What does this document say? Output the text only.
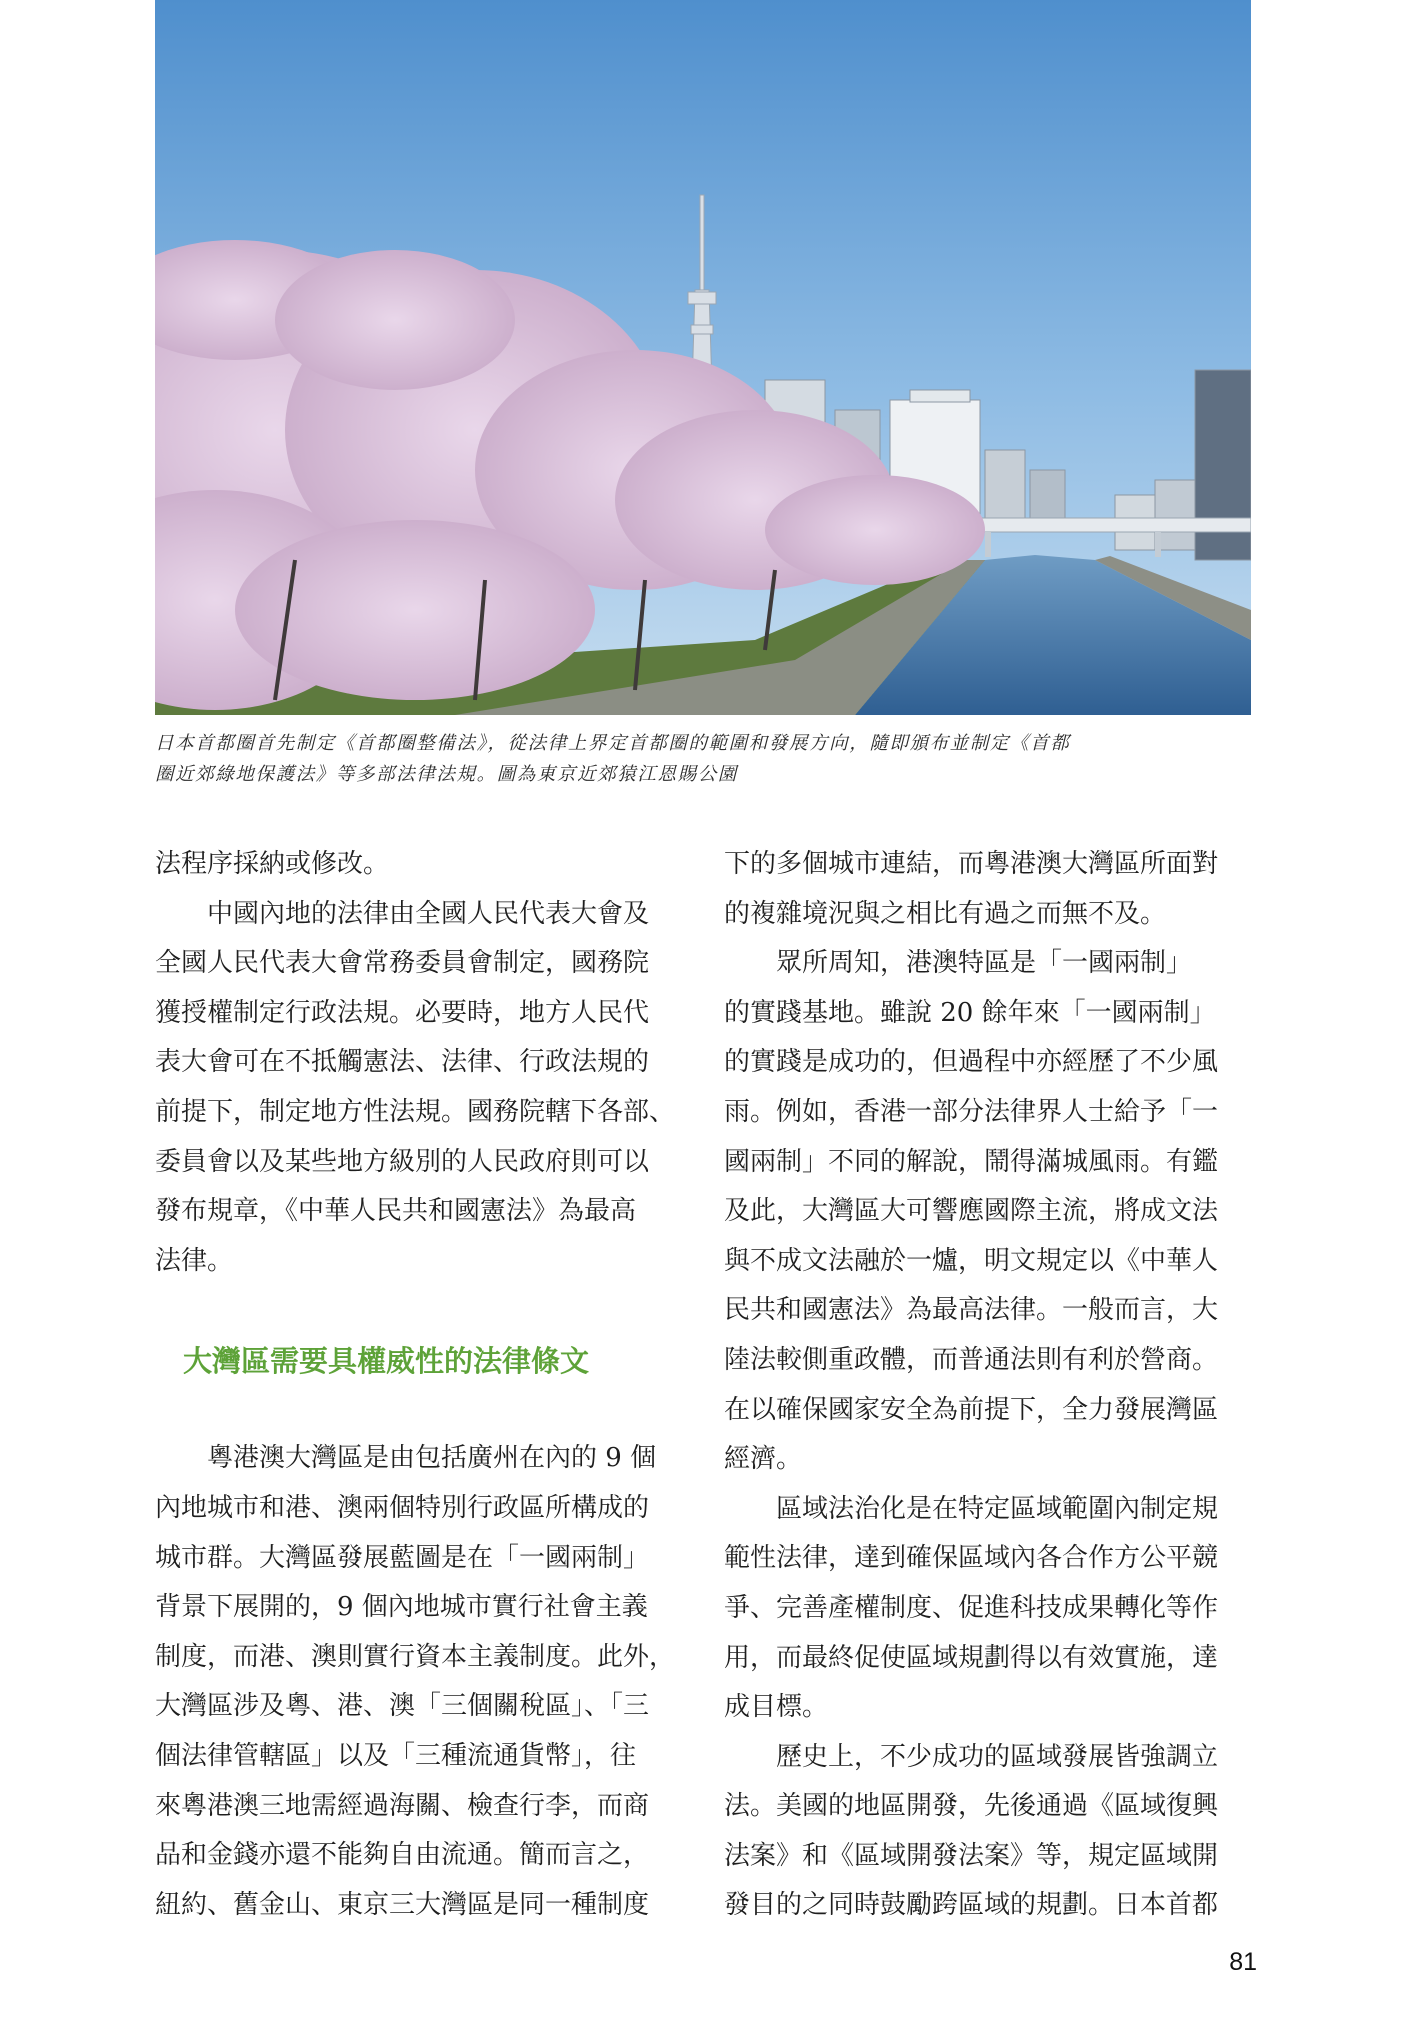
日本首都圈首先制定《首都圈整備法》，從法律上界定首都圈的範圍和發展方向，隨即頒布並制定《首都

圈近郊綠地保護法》等多部法律法規。圖為東京近郊猿江恩賜公園

法程序採納或修改。

　　中國內地的法律由全國人民代表大會及

全國人民代表大會常務委員會制定，國務院

獲授權制定行政法規。必要時，地方人民代

表大會可在不抵觸憲法、法律、行政法規的

前提下，制定地方性法規。國務院轄下各部、

委員會以及某些地方級別的人民政府則可以

發布規章，《中華人民共和國憲法》為最高

法律。

大灣區需要具權威性的法律條文

　　粵港澳大灣區是由包括廣州在內的 9 個

內地城市和港、澳兩個特別行政區所構成的

城市群。大灣區發展藍圖是在「一國兩制」

背景下展開的，9 個內地城市實行社會主義

制度，而港、澳則實行資本主義制度。此外，

大灣區涉及粵、港、澳「三個關稅區」、「三

個法律管轄區」以及「三種流通貨幣」，往

來粵港澳三地需經過海關、檢查行李，而商

品和金錢亦還不能夠自由流通。簡而言之，

紐約、舊金山、東京三大灣區是同一種制度

下的多個城市連結，而粵港澳大灣區所面對

的複雜境況與之相比有過之而無不及。

　　眾所周知，港澳特區是「一國兩制」

的實踐基地。雖說 20 餘年來「一國兩制」

的實踐是成功的，但過程中亦經歷了不少風

雨。例如，香港一部分法律界人士給予「一

國兩制」不同的解說，鬧得滿城風雨。有鑑

及此，大灣區大可響應國際主流，將成文法

與不成文法融於一爐，明文規定以《中華人

民共和國憲法》為最高法律。一般而言，大

陸法較側重政體，而普通法則有利於營商。

在以確保國家安全為前提下，全力發展灣區

經濟。

　　區域法治化是在特定區域範圍內制定規

範性法律，達到確保區域內各合作方公平競

爭、完善產權制度、促進科技成果轉化等作

用，而最終促使區域規劃得以有效實施，達

成目標。

　　歷史上，不少成功的區域發展皆強調立

法。美國的地區開發，先後通過《區域復興

法案》和《區域開發法案》等，規定區域開

發目的之同時鼓勵跨區域的規劃。日本首都

81
